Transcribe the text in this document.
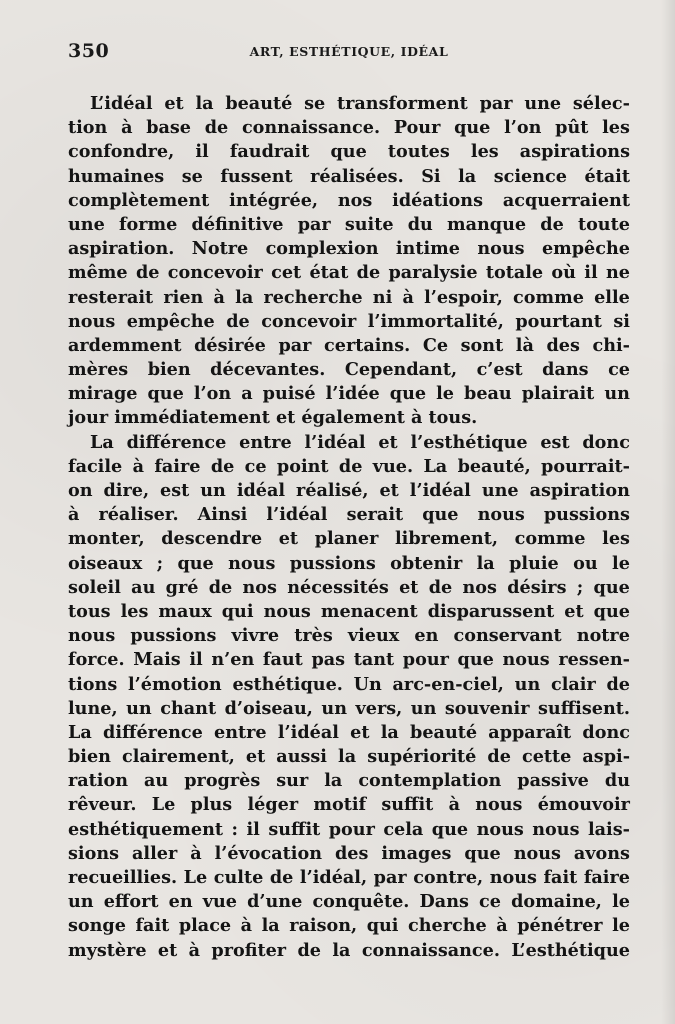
350	ART, ESTHÉTIQUE, IDÉAL
L’idéal et la beauté se transforment par une sélec-
tion à base de connaissance. Pour que l’on pût les
confondre, il faudrait que toutes les aspirations
humaines se fussent réalisées. Si la science était
complètement intégrée, nos idéations acquerraient
une forme définitive par suite du manque de toute
aspiration. Notre complexion intime nous empêche
même de concevoir cet état de paralysie totale où il ne
resterait rien à la recherche ni à l’espoir, comme elle
nous empêche de concevoir l’immortalité, pourtant si
ardemment désirée par certains. Ce sont là des chi-
mères bien décevantes. Cependant, c’est dans ce
mirage que l’on a puisé l’idée que le beau plairait un
jour immédiatement et également à tous.
La différence entre l’idéal et l’esthétique est donc
facile à faire de ce point de vue. La beauté, pourrait-
on dire, est un idéal réalisé, et l’idéal une aspiration
à réaliser. Ainsi l’idéal serait que nous pussions
monter, descendre et planer librement, comme les
oiseaux ; que nous pussions obtenir la pluie ou le
soleil au gré de nos nécessités et de nos désirs ; que
tous les maux qui nous menacent disparussent et que
nous pussions vivre très vieux en conservant notre
force. Mais il n’en faut pas tant pour que nous ressen-
tions l’émotion esthétique. Un arc-en-ciel, un clair de
lune, un chant d’oiseau, un vers, un souvenir suffisent.
La différence entre l’idéal et la beauté apparaît donc
bien clairement, et aussi la supériorité de cette aspi-
ration au progrès sur la contemplation passive du
rêveur. Le plus léger motif suffit à nous émouvoir
esthétiquement : il suffit pour cela que nous nous lais-
sions aller à l’évocation des images que nous avons
recueillies. Le culte de l’idéal, par contre, nous fait faire
un effort en vue d’une conquête. Dans ce domaine, le
songe fait place à la raison, qui cherche à pénétrer le
mystère et à profiter de la connaissance. L’esthétique
